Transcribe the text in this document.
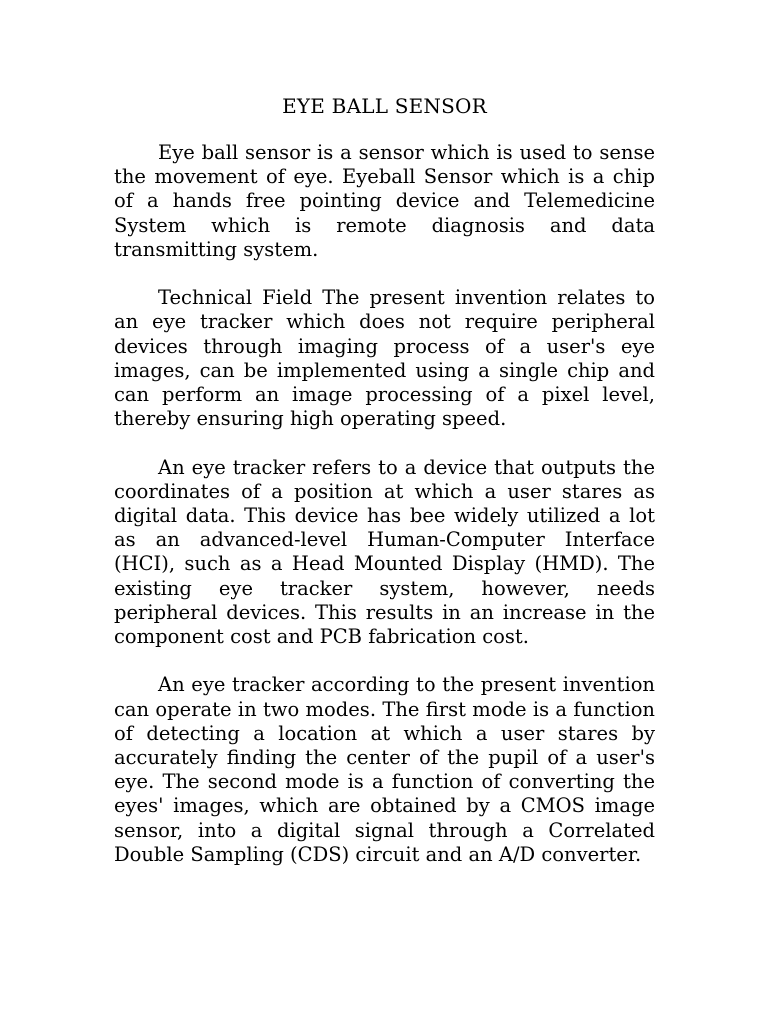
EYE BALL SENSOR

Eye ball sensor is a sensor which is used to sense the movement of eye. Eyeball Sensor which is a chip of a hands free pointing device and Telemedicine System which is remote diagnosis and data transmitting system.

Technical Field The present invention relates to an eye tracker which does not require peripheral devices through imaging process of a user's eye images, can be implemented using a single chip and can perform an image processing of a pixel level, thereby ensuring high operating speed.

An eye tracker refers to a device that outputs the coordinates of a position at which a user stares as digital data. This device has bee widely utilized a lot as an advanced-level Human-Computer Interface (HCI), such as a Head Mounted Display (HMD). The existing eye tracker system, however, needs peripheral devices. This results in an increase in the component cost and PCB fabrication cost.

An eye tracker according to the present invention can operate in two modes. The first mode is a function of detecting a location at which a user stares by accurately finding the center of the pupil of a user's eye. The second mode is a function of converting the eyes' images, which are obtained by a CMOS image sensor, into a digital signal through a Correlated Double Sampling (CDS) circuit and an A/D converter.
